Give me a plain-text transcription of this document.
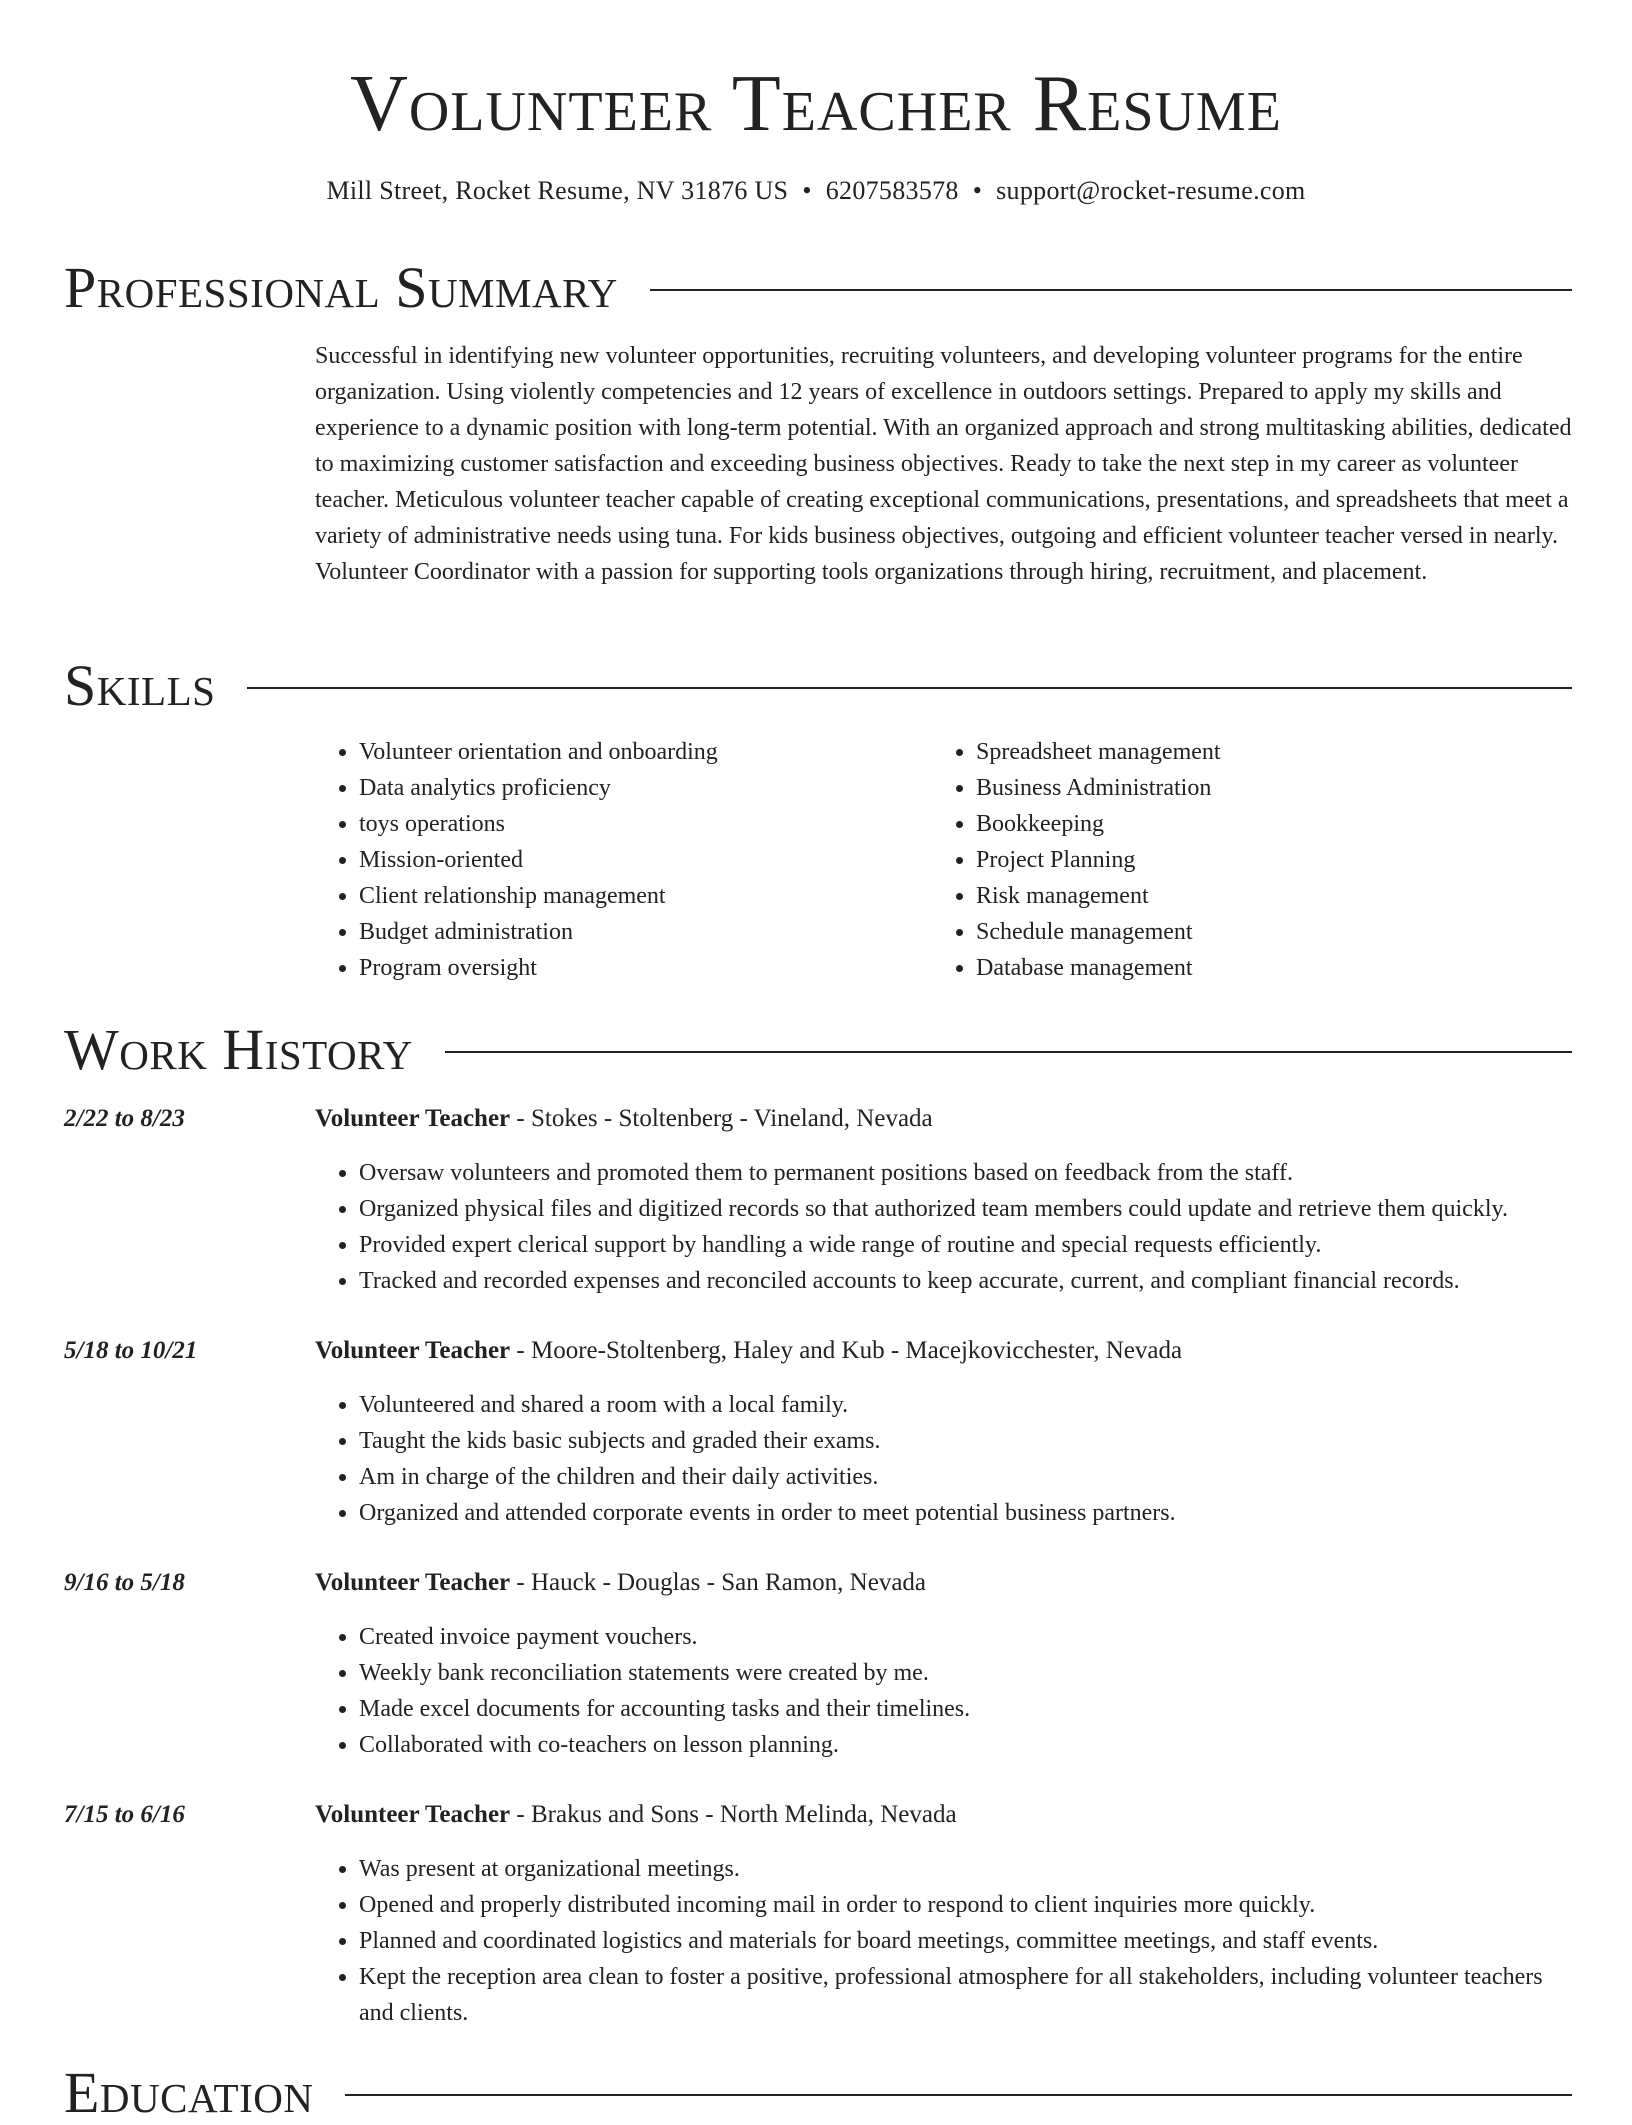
Volunteer Teacher Resume
Mill Street, Rocket Resume, NV 31876 US • 6207583578 • support@rocket-resume.com
Professional Summary

Successful in identifying new volunteer opportunities, recruiting volunteers, and developing volunteer programs for the entire organization. Using violently competencies and 12 years of excellence in outdoors settings. Prepared to apply my skills and experience to a dynamic position with long-term potential. With an organized approach and strong multitasking abilities, dedicated to maximizing customer satisfaction and exceeding business objectives. Ready to take the next step in my career as volunteer teacher. Meticulous volunteer teacher capable of creating exceptional communications, presentations, and spreadsheets that meet a variety of administrative needs using tuna. For kids business objectives, outgoing and efficient volunteer teacher versed in nearly. Volunteer Coordinator with a passion for supporting tools organizations through hiring, recruitment, and placement.

Skills
• Volunteer orientation and onboarding
• Data analytics proficiency
• toys operations
• Mission-oriented
• Client relationship management
• Budget administration
• Program oversight
• Spreadsheet management
• Business Administration
• Bookkeeping
• Project Planning
• Risk management
• Schedule management
• Database management
Work History
2/22 to 8/23	Volunteer Teacher - Stokes - Stoltenberg - Vineland, Nevada
• Oversaw volunteers and promoted them to permanent positions based on feedback from the staff.
• Organized physical files and digitized records so that authorized team members could update and retrieve them quickly.
• Provided expert clerical support by handling a wide range of routine and special requests efficiently.
• Tracked and recorded expenses and reconciled accounts to keep accurate, current, and compliant financial records.
5/18 to 10/21	Volunteer Teacher - Moore-Stoltenberg, Haley and Kub - Macejkovicchester, Nevada
• Volunteered and shared a room with a local family.
• Taught the kids basic subjects and graded their exams.
• Am in charge of the children and their daily activities.
• Organized and attended corporate events in order to meet potential business partners.
9/16 to 5/18	Volunteer Teacher - Hauck - Douglas - San Ramon, Nevada
• Created invoice payment vouchers.
• Weekly bank reconciliation statements were created by me.
• Made excel documents for accounting tasks and their timelines.
• Collaborated with co-teachers on lesson planning.
7/15 to 6/16	Volunteer Teacher - Brakus and Sons - North Melinda, Nevada
• Was present at organizational meetings.
• Opened and properly distributed incoming mail in order to respond to client inquiries more quickly.
• Planned and coordinated logistics and materials for board meetings, committee meetings, and staff events.
• Kept the reception area clean to foster a positive, professional atmosphere for all stakeholders, including volunteer teachers and clients.
Education
